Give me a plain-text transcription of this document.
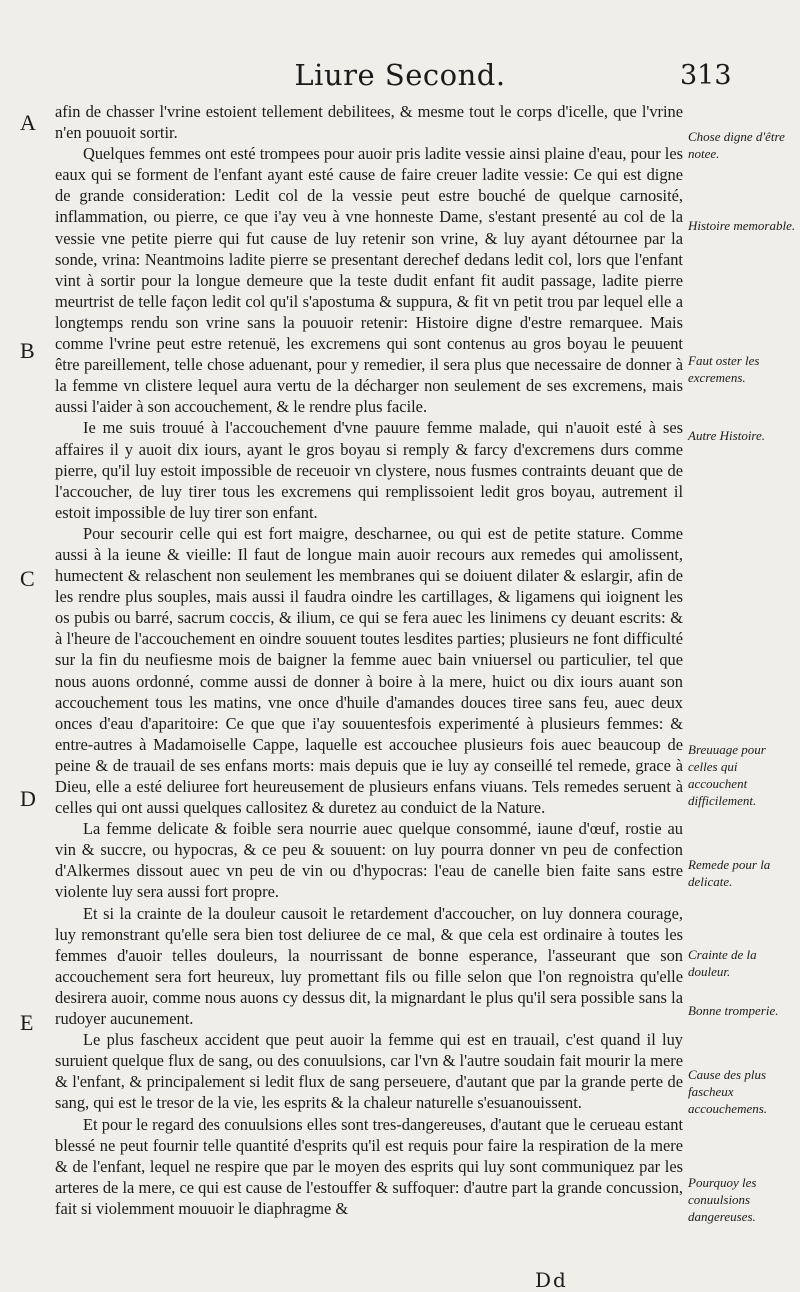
Liure Second.	313
A
B
C
D
E

afin de chasser l'vrine estoient tellement debilitees, & mesme tout le corps d'icelle, que l'vrine n'en pouuoit sortir.

Quelques femmes ont esté trompees pour auoir pris ladite vessie ainsi plaine d'eau, pour les eaux qui se forment de l'enfant ayant esté cause de faire creuer ladite vessie: Ce qui est digne de grande consideration: Ledit col de la vessie peut estre bouché de quelque carnosité, inflammation, ou pierre, ce que i'ay veu à vne honneste Dame, s'estant presenté au col de la vessie vne petite pierre qui fut cause de luy retenir son vrine, & luy ayant détournee par la sonde, vrina: Neantmoins ladite pierre se presentant derechef dedans ledit col, lors que l'enfant vint à sortir pour la longue demeure que la teste dudit enfant fit audit passage, ladite pierre meurtrist de telle façon ledit col qu'il s'apostuma & suppura, & fit vn petit trou par lequel elle a longtemps rendu son vrine sans la pouuoir retenir: Histoire digne d'estre remarquee. Mais comme l'vrine peut estre retenuë, les excremens qui sont contenus au gros boyau le peuuent être pareillement, telle chose aduenant, pour y remedier, il sera plus que necessaire de donner à la femme vn clistere lequel aura vertu de la décharger non seulement de ses excremens, mais aussi l'aider à son accouchement, & le rendre plus facile.

Ie me suis trouué à l'accouchement d'vne pauure femme malade, qui n'auoit esté à ses affaires il y auoit dix iours, ayant le gros boyau si remply & farcy d'excremens durs comme pierre, qu'il luy estoit impossible de receuoir vn clystere, nous fusmes contraints deuant que de l'accoucher, de luy tirer tous les excremens qui remplissoient ledit gros boyau, autrement il estoit impossible de luy tirer son enfant.

Pour secourir celle qui est fort maigre, descharnee, ou qui est de petite stature. Comme aussi à la ieune & vieille: Il faut de longue main auoir recours aux remedes qui amolissent, humectent & relaschent non seulement les membranes qui se doiuent dilater & eslargir, afin de les rendre plus souples, mais aussi il faudra oindre les cartillages, & ligamens qui ioignent les os pubis ou barré, sacrum coccis, & ilium, ce qui se fera auec les linimens cy deuant escrits: & à l'heure de l'accouchement en oindre souuent toutes lesdites parties; plusieurs ne font difficulté sur la fin du neufiesme mois de baigner la femme auec bain vniuersel ou particulier, tel que nous auons ordonné, comme aussi de donner à boire à la mere, huict ou dix iours auant son accouchement tous les matins, vne once d'huile d'amandes douces tiree sans feu, auec deux onces d'eau d'aparitoire: Ce que que i'ay souuentesfois experimenté à plusieurs femmes: & entre-autres à Madamoiselle Cappe, laquelle est accouchee plusieurs fois auec beaucoup de peine & de trauail de ses enfans morts: mais depuis que ie luy ay conseillé tel remede, grace à Dieu, elle a esté deliuree fort heureusement de plusieurs enfans viuans. Tels remedes seruent à celles qui ont aussi quelques callositez & duretez au conduict de la Nature.

La femme delicate & foible sera nourrie auec quelque consommé, iaune d'œuf, rostie au vin & succre, ou hypocras, & ce peu & souuent: on luy pourra donner vn peu de confection d'Alkermes dissout auec vn peu de vin ou d'hypocras: l'eau de canelle bien faite sans estre violente luy sera aussi fort propre.

Et si la crainte de la douleur causoit le retardement d'accoucher, on luy donnera courage, luy remonstrant qu'elle sera bien tost deliuree de ce mal, & que cela est ordinaire à toutes les femmes d'auoir telles douleurs, la nourrissant de bonne esperance, l'asseurant que son accouchement sera fort heureux, luy promettant fils ou fille selon que l'on regnoistra qu'elle desirera auoir, comme nous auons cy dessus dit, la mignardant le plus qu'il sera possible sans la rudoyer aucunement.

Le plus fascheux accident que peut auoir la femme qui est en trauail, c'est quand il luy suruient quelque flux de sang, ou des conuulsions, car l'vn & l'autre soudain fait mourir la mere & l'enfant, & principalement si ledit flux de sang perseuere, d'autant que par la grande perte de sang, qui est le tresor de la vie, les esprits & la chaleur naturelle s'esuanouissent.

Et pour le regard des conuulsions elles sont tres-dangereuses, d'autant que le cerueau estant blessé ne peut fournir telle quantité d'esprits qu'il est requis pour faire la respiration de la mere & de l'enfant, lequel ne respire que par le moyen des esprits qui luy sont communiquez par les arteres de la mere, ce qui est cause de l'estouffer & suffoquer: d'autre part la grande concussion, fait si violemment mouuoir le diaphragme &

Chose digne d'être notee.
Histoire memorable.
Faut oster les excremens.
Autre Histoire.
Breuuage pour celles qui accouchent difficilement.
Remede pour la delicate.
Crainte de la douleur.
Bonne tromperie.
Cause des plus fascheux accouchemens.
Pourquoy les conuulsions dangereuses.
Dd
